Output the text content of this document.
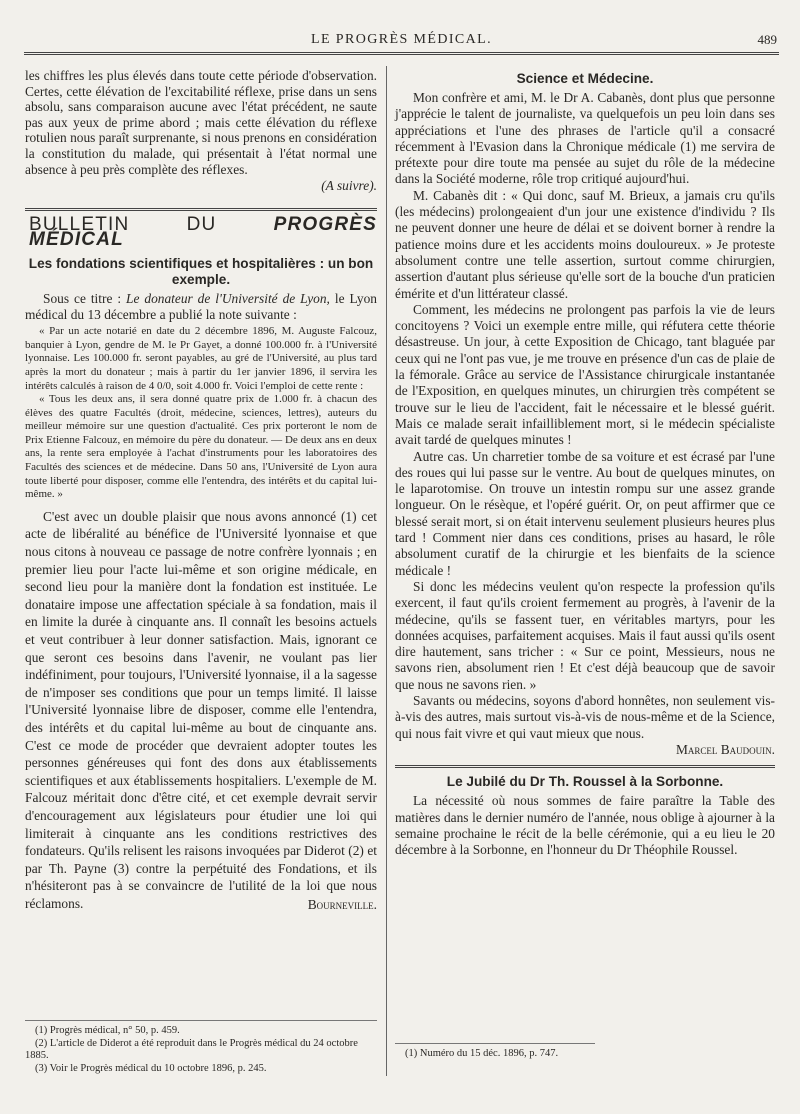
LE PROGRÈS MÉDICAL.	489

les chiffres les plus élevés dans toute cette période d'observation. Certes, cette élévation de l'excitabilité réflexe, prise dans un sens absolu, sans comparaison aucune avec l'état précédent, ne saute pas aux yeux de prime abord ; mais cette élévation du réflexe rotulien nous paraît surprenante, si nous prenons en considération la constitution du malade, qui présentait à l'état normal une absence à peu près complète des réflexes.

(A suivre).

BULLETIN DU	PROGRÈS MÉDICAL
Les fondations scientifiques et hospitalières : un bon exemple.

Sous ce titre : Le donateur de l'Université de Lyon, le Lyon médical du 13 décembre a publié la note suivante :

« Par un acte notarié en date du 2 décembre 1896, M. Auguste Falcouz, banquier à Lyon, gendre de M. le Pr Gayet, a donné 100.000 fr. à l'Université lyonnaise. Les 100.000 fr. seront payables, au gré de l'Université, au plus tard après la mort du donateur ; mais à partir du 1er janvier 1896, il servira les intérêts calculés à raison de 4 0/0, soit 4.000 fr. Voici l'emploi de cette rente :

« Tous les deux ans, il sera donné quatre prix de 1.000 fr. à chacun des élèves des quatre Facultés (droit, médecine, sciences, lettres), auteurs du meilleur mémoire sur une question d'actualité. Ces prix porteront le nom de Prix Etienne Falcouz, en mémoire du père du donateur. — De deux ans en deux ans, la rente sera employée à l'achat d'instruments pour les laboratoires des Facultés des sciences et de médecine. Dans 50 ans, l'Université de Lyon aura toute liberté pour disposer, comme elle l'entendra, des intérêts et du capital lui-même. »

C'est avec un double plaisir que nous avons annoncé (1) cet acte de libéralité au bénéfice de l'Université lyonnaise et que nous citons à nouveau ce passage de notre confrère lyonnais ; en premier lieu pour l'acte lui-même et son origine médicale, en second lieu pour la manière dont la fondation est instituée. Le donataire impose une affectation spéciale à sa fondation, mais il en limite la durée à cinquante ans. Il connaît les besoins actuels et veut contribuer à leur donner satisfaction. Mais, ignorant ce que seront ces besoins dans l'avenir, ne voulant pas lier indéfiniment, pour toujours, l'Université lyonnaise, il a la sagesse de n'imposer ses conditions que pour un temps limité. Il laisse l'Université lyonnaise libre de disposer, comme elle l'entendra, des intérêts et du capital lui-même au bout de cinquante ans. C'est ce mode de procéder que devraient adopter toutes les personnes généreuses qui font des dons aux établissements scientifiques et aux établissements hospitaliers. L'exemple de M. Falcouz méritait donc d'être cité, et cet exemple devrait servir d'encouragement aux législateurs pour étudier une loi qui limiterait à cinquante ans les conditions restrictives des fondateurs. Qu'ils relisent les raisons invoquées par Diderot (2) et par Th. Payne (3) contre la perpétuité des Fondations, et ils n'hésiteront pas à se convaincre de l'utilité de la loi que nous réclamons.	Bourneville.

Science et Médecine.

Mon confrère et ami, M. le Dr A. Cabanès, dont plus que personne j'apprécie le talent de journaliste, va quelquefois un peu loin dans ses appréciations et l'une des phrases de l'article qu'il a consacré récemment à l'Evasion dans la Chronique médicale (1) me servira de prétexte pour dire toute ma pensée au sujet du rôle de la médecine dans la Société moderne, rôle trop critiqué aujourd'hui.

M. Cabanès dit : « Qui donc, sauf M. Brieux, a jamais cru qu'ils (les médecins) prolongeaient d'un jour une existence d'individu ? Ils ne peuvent donner une heure de délai et se doivent borner à rendre la patience moins dure et les accidents moins douloureux. » Je proteste absolument contre une telle assertion, surtout comme chirurgien, assertion d'autant plus sérieuse qu'elle sort de la bouche d'un praticien émérite et d'un littérateur classé.

Comment, les médecins ne prolongent pas parfois la vie de leurs concitoyens ? Voici un exemple entre mille, qui réfutera cette théorie désastreuse. Un jour, à cette Exposition de Chicago, tant blaguée par ceux qui ne l'ont pas vue, je me trouve en présence d'un cas de plaie de la fémorale. Grâce au service de l'Assistance chirurgicale instantanée de l'Exposition, en quelques minutes, un chirurgien très compétent se trouve sur le lieu de l'accident, fait le nécessaire et le blessé guérit. Mais ce malade serait infailliblement mort, si le médecin spécialiste avait tardé de quelques minutes !

Autre cas. Un charretier tombe de sa voiture et est écrasé par l'une des roues qui lui passe sur le ventre. Au bout de quelques minutes, on le laparotomise. On trouve un intestin rompu sur une assez grande longueur. On le résèque, et l'opéré guérit. Or, on peut affirmer que ce blessé serait mort, si on était intervenu seulement plusieurs heures plus tard ! Comment nier dans ces conditions, prises au hasard, le rôle absolument curatif de la chirurgie et les bienfaits de la science médicale !

Si donc les médecins veulent qu'on respecte la profession qu'ils exercent, il faut qu'ils croient fermement au progrès, à l'avenir de la médecine, qu'ils se fassent tuer, en véritables martyrs, pour les données acquises, parfaitement acquises. Mais il faut aussi qu'ils osent dire hautement, sans tricher : « Sur ce point, Messieurs, nous ne savons rien, absolument rien ! Et c'est déjà beaucoup que de savoir que nous ne savons rien. »

Savants ou médecins, soyons d'abord honnêtes, non seulement vis-à-vis des autres, mais surtout vis-à-vis de nous-même et de la Science, qui nous fait vivre et qui vaut mieux que nous.

Marcel Baudouin.

Le Jubilé du Dr Th. Roussel à la Sorbonne.

La nécessité où nous sommes de faire paraître la Table des matières dans le dernier numéro de l'année, nous oblige à ajourner à la semaine prochaine le récit de la belle cérémonie, qui a eu lieu le 20 décembre à la Sorbonne, en l'honneur du Dr Théophile Roussel.

(1) Progrès médical, n° 50, p. 459.
(2) L'article de Diderot a été reproduit dans le Progrès médical du 24 octobre 1885.
(3) Voir le Progrès médical du 10 octobre 1896, p. 245.
(1) Numéro du 15 déc. 1896, p. 747.
